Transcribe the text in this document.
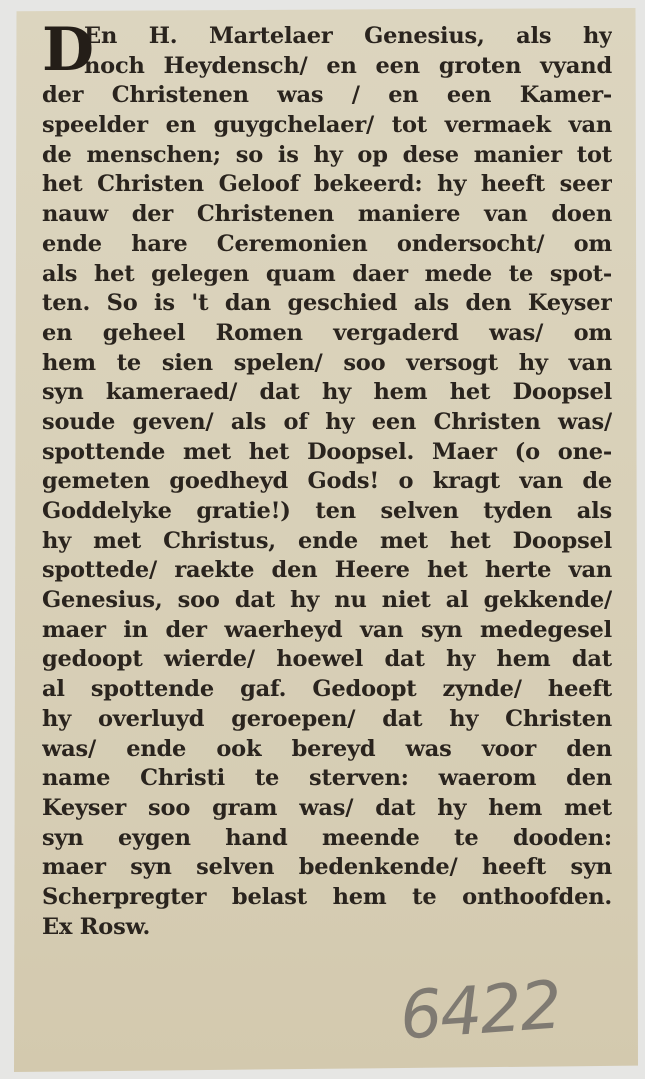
D
En H. Martelaer Genesius, als hy
noch Heydensch/ en een groten vyand
der Christenen was / en een Kamer-
speelder en guygchelaer/ tot vermaek van
de menschen; so is hy op dese manier tot
het Christen Geloof bekeerd: hy heeft seer
nauw der Christenen maniere van doen
ende hare Ceremonien ondersocht/ om
als het gelegen quam daer mede te spot-
ten. So is 't dan geschied als den Keyser
en geheel Romen vergaderd was/ om
hem te sien spelen/ soo versogt hy van
syn kameraed/ dat hy hem het Doopsel
soude geven/ als of hy een Christen was/
spottende met het Doopsel. Maer (o one-
gemeten goedheyd Gods! o kragt van de
Goddelyke gratie!) ten selven tyden als
hy met Christus, ende met het Doopsel
spottede/ raekte den Heere het herte van
Genesius, soo dat hy nu niet al gekkende/
maer in der waerheyd van syn medegesel
gedoopt wierde/ hoewel dat hy hem dat
al spottende gaf. Gedoopt zynde/ heeft
hy overluyd geroepen/ dat hy Christen
was/ ende ook bereyd was voor den
name Christi te sterven: waerom den
Keyser soo gram was/ dat hy hem met
syn eygen hand meende te dooden:
maer syn selven bedenkende/ heeft syn
Scherpregter belast hem te onthoofden.
Ex Rosw.
6422
